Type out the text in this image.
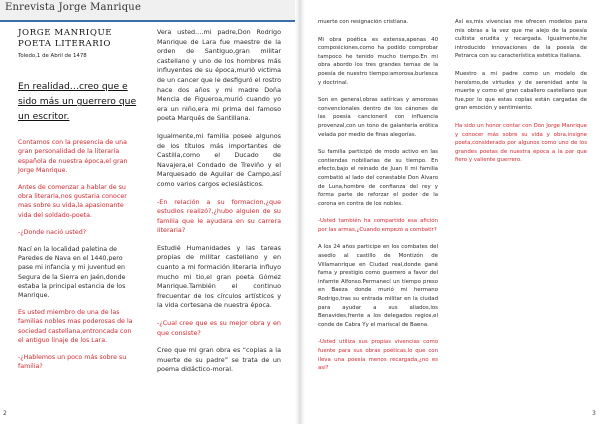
Enrevista Jorge Manrique
JORGE MANRIQUE
POETA LITERARIO
Toledo,1 de Abril de 1478
En realidad…creo que e sido más un guerrero que un escritor.

Contamos con la presencia de una gran personalidad de la literaria española de nuestra época,el gran Jorge Manrique.

Antes de comenzar a hablar de su obra literaria,nos gustaria conocer mas sobre su vida,la apasionante vida del soldado-poeta.

-¿Donde nació usted?

Nací en la localidad paletina de Paredes de Nava en el 1440,pero pase mi infancia y mi juventud en Segura de la Sierra en Jaén,donde estaba la principal estancia de los Manrique.

Es usted miembro de una de las familias nobles mas poderosas de la sociedad castellana,entroncada con el antiguo linaje de los Lara.

-¿Hablemos un poco más sobre su familia?

Vera usted….mi padre,Don Rodrigo Manrique de Lara fue maestre de la orden de Santiguo,gran militar castellano y uno de los hombres más influyentes de su época,murió victima de un cancer que le desfiguró el rostro hace dos años y mi madre Doña Mencia de Figueroa,murió cuando yo era un niño,era mi prima del famoso poeta Marqués de Santillana.

Igualmente,mi familia posee algunos de los títulos más importantes de Castilla,como el Ducado de Navajera,el Condado de Treviño y el Marquesado de Aguilar de Campo,así como varios cargos eclesiásticos.

-En relación a su formacion,¿que estudios realizó?,¿hubo alguien de su familia que le ayudara en su carrera literaria?

Estudié Humanidades y las tareas propias de militar castellano y en cuanto a mi formación literaria influyo mucho mi tio,el gran poeta Gómez Manrique.También el continuo frecuentar de los círculos artísticos y la vida cortesana de nuestra época.

-¿Cual cree que es su mejor obra y en que consiste?

Creo que mi gran obra es “coplas a la muerte de su padre” se trata de un poema didáctico-moral.

muerte con resignación cristiana.

Mi obra poética es extensa,apenas 40 composiciones,como ha podido comprobar tampoco he tenido mucho tiempo.En mi obra abordo los tres grandes temas de la poesía de nuestro tiempo:amorosa,burlesca y doctrinal.

Son en general,obras satíricas y amorosas convencionales dentro de los cánones de las poesía cancioneril con influencia provenzal,con un tono de galantería erótica velada por medio de finas alegorías.

Su familia participó de modo activo en las contiendas nobiliarias de su tiempo. En efecto,bajo el reinado de Juan II mi familia combatió al lado del conestable Don Álvaro de Luna,hombre de confianza del rey y forma parte de reforzar el poder de la corona en contra de los nobles.

-Usted también ha compartido esa afición por las armas,¿Cuando empezó a combatir?

A los 24 años participe en los combates del asedio al castillo de Montizón de Villamanrique en Ciudad real,donde gané fama y prestigio como guerrero a favor del infamte Alfonso.Permanecí un tiempo preso en Baeza donde murió mi hermano Rodrigo,tras su entrada militar en la ciudad para ayudar a sus aliados,los Benavides,frente a los delegados regios,el conde de Cabra Yy el mariscal de Baena.

-Usted utiliza sus propias vivencias como fuente para sus obras poéticas,lo que con lleva una poesía menos recargada,¿no es así?

Así es,mis vivencias me ofrecen modelos para mis obras a la vez que me alejo de la poesía cultista erudita y recargada. Igualmente,he introducido innovaciones de la poesía de Petrarca con su característica estética italiana.

Muestro a mi padre como un modelo de heroísmo,de virtudes y de serenidad ante la muerte y como el gran caballero castellano que fue,por lo que estas coplas están cargadas de gran emoción y sentimiento.

Ha sido un honor contar con Don Jorge Manrique y conocer más sobre su vida y obra,insigne poeta,considerado por algunos como uno de los grandes poetas de nuestra época a la par que fiero y valiente guerrero.

2	3
